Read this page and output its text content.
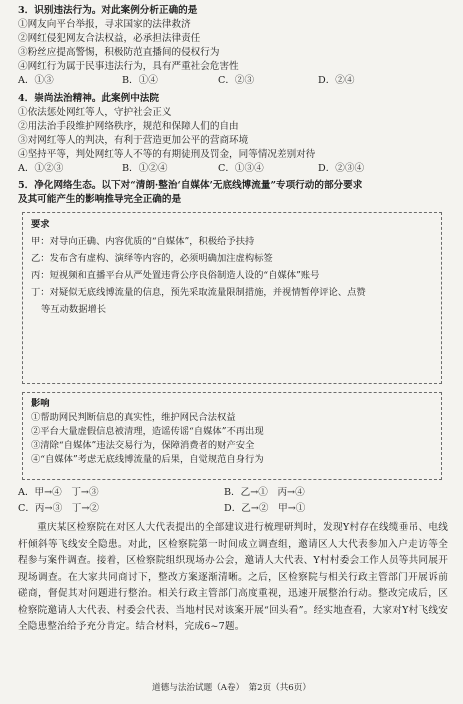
3．识别违法行为。对此案例分析正确的是
①网友向平台举报，寻求国家的法律救济
②网红侵犯网友合法权益，必承担法律责任
③粉丝应提高警惕，积极防范直播间的侵权行为
④网红行为属于民事违法行为，具有严重社会危害性
A．①③	B．①④	C．②③	D．②④
4．崇尚法治精神。此案例中法院
①依法惩处网红等人，守护社会正义
②用法治手段维护网络秩序，规范和保障人们的自由
③对网红等人的判决，有利于营造更加公平的营商环境
④坚持平等，判处网红等人不等的有期徒刑及罚金，同等情况差别对待
A．①②③	B．①②④	C．①③④	D．②③④
5．净化网络生态。以下对“清朗·整治‘自媒体’无底线博流量”专项行动的部分要求
及其可能产生的影响推导完全正确的是
要求
甲：对导向正确、内容优质的“自媒体”，积极给予扶持
乙：发布含有虚构、演绎等内容的，必须明确加注虚构标签
丙：短视频和直播平台从严处置违背公序良俗制造人设的“自媒体”账号
丁：对疑似无底线博流量的信息，预先采取流量限制措施，并视情暂停评论、点赞
等互动数据增长
影响
①帮助网民判断信息的真实性，维护网民合法权益
②平台大量虚假信息被清理，造谣传谣“自媒体”不再出现
③清除“自媒体”违法交易行为，保障消费者的财产安全
④“自媒体”考虑无底线博流量的后果，自觉规范自身行为
A．甲→④　丁→③	B．乙→①　丙→④
C．丙→③　丁→②	D．乙→②　甲→①

重庆某区检察院在对区人大代表提出的全部建议进行梳理研判时，发现Y村存在线缆垂吊、电线杆倾斜等飞线安全隐患。对此，区检察院第一时间成立调查组，邀请区人大代表参加入户走访等全程参与案件调查。接着，区检察院组织现场办公会，邀请人大代表、Y村村委会工作人员等共同展开现场调查。在大家共同商讨下，整改方案逐渐清晰。之后，区检察院与相关行政主管部门开展诉前磋商，督促其对问题进行整治。相关行政主管部门高度重视，迅速开展整治行动。整改完成后，区检察院邀请人大代表、村委会代表、当地村民对该案开展“回头看”。经实地查看，大家对Y村飞线安全隐患整治给予充分肯定。结合材料，完成6~7题。

道德与法治试题（A卷）　第2页（共6页）
